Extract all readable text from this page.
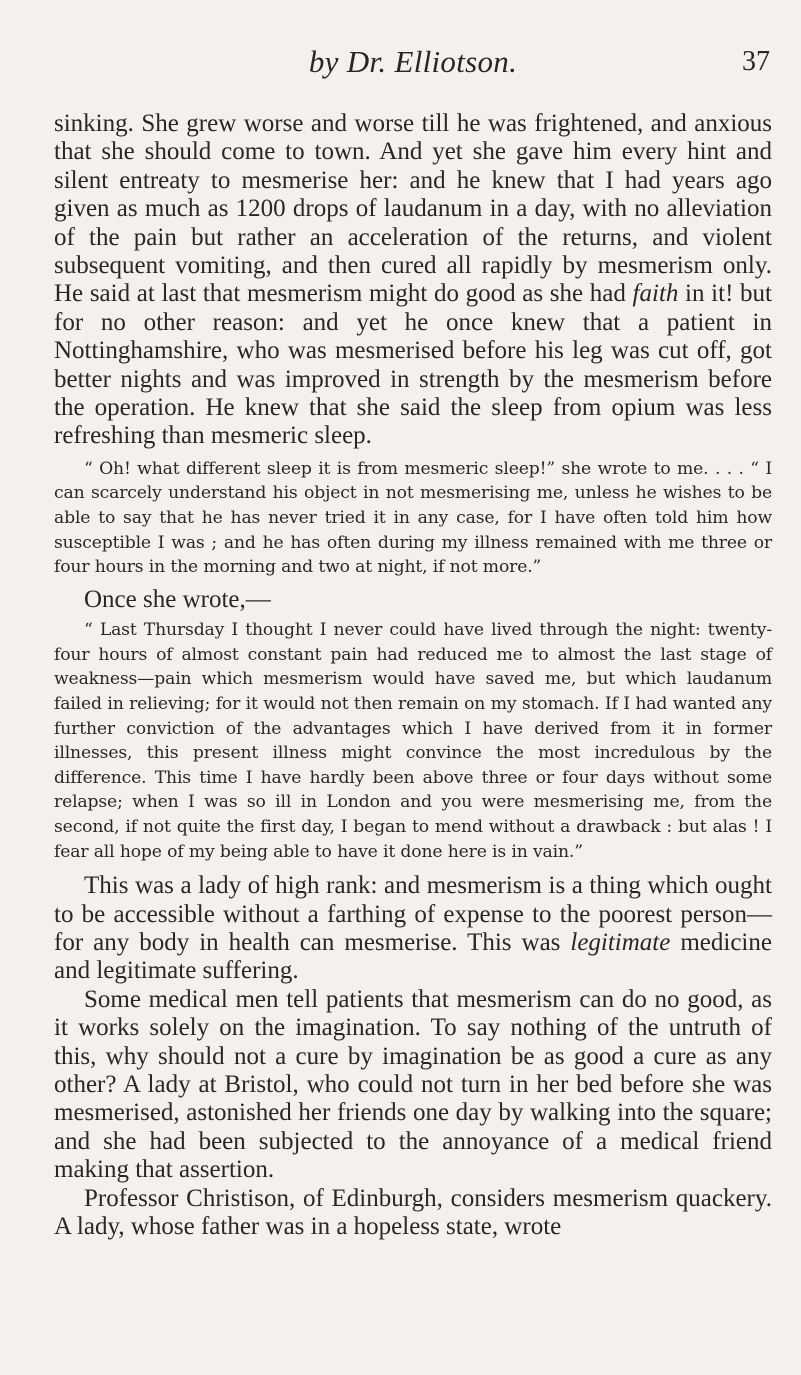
by Dr. Elliotson.	37

sinking. She grew worse and worse till he was frightened, and anxious that she should come to town. And yet she gave him every hint and silent entreaty to mesmerise her: and he knew that I had years ago given as much as 1200 drops of laudanum in a day, with no alleviation of the pain but rather an acceleration of the returns, and violent subsequent vomiting, and then cured all rapidly by mesmerism only. He said at last that mesmerism might do good as she had faith in it! but for no other reason: and yet he once knew that a patient in Nottinghamshire, who was mesmerised before his leg was cut off, got better nights and was improved in strength by the mesmerism before the operation. He knew that she said the sleep from opium was less refreshing than mesmeric sleep.

“ Oh! what different sleep it is from mesmeric sleep!” she wrote to me. . . . “ I can scarcely understand his object in not mesmerising me, unless he wishes to be able to say that he has never tried it in any case, for I have often told him how susceptible I was ; and he has often during my illness remained with me three or four hours in the morning and two at night, if not more.”

Once she wrote,—

“ Last Thursday I thought I never could have lived through the night: twenty-four hours of almost constant pain had reduced me to almost the last stage of weakness—pain which mesmerism would have saved me, but which laudanum failed in relieving; for it would not then remain on my stomach. If I had wanted any further conviction of the advantages which I have derived from it in former illnesses, this present illness might convince the most incredulous by the difference. This time I have hardly been above three or four days without some relapse; when I was so ill in London and you were mesmerising me, from the second, if not quite the first day, I began to mend without a drawback : but alas ! I fear all hope of my being able to have it done here is in vain.”

This was a lady of high rank: and mesmerism is a thing which ought to be accessible without a farthing of expense to the poorest person—for any body in health can mesmerise. This was legitimate medicine and legitimate suffering.

Some medical men tell patients that mesmerism can do no good, as it works solely on the imagination. To say nothing of the untruth of this, why should not a cure by imagination be as good a cure as any other? A lady at Bristol, who could not turn in her bed before she was mesmerised, astonished her friends one day by walking into the square; and she had been subjected to the annoyance of a medical friend making that assertion.

Professor Christison, of Edinburgh, considers mesmerism quackery. A lady, whose father was in a hopeless state, wrote
